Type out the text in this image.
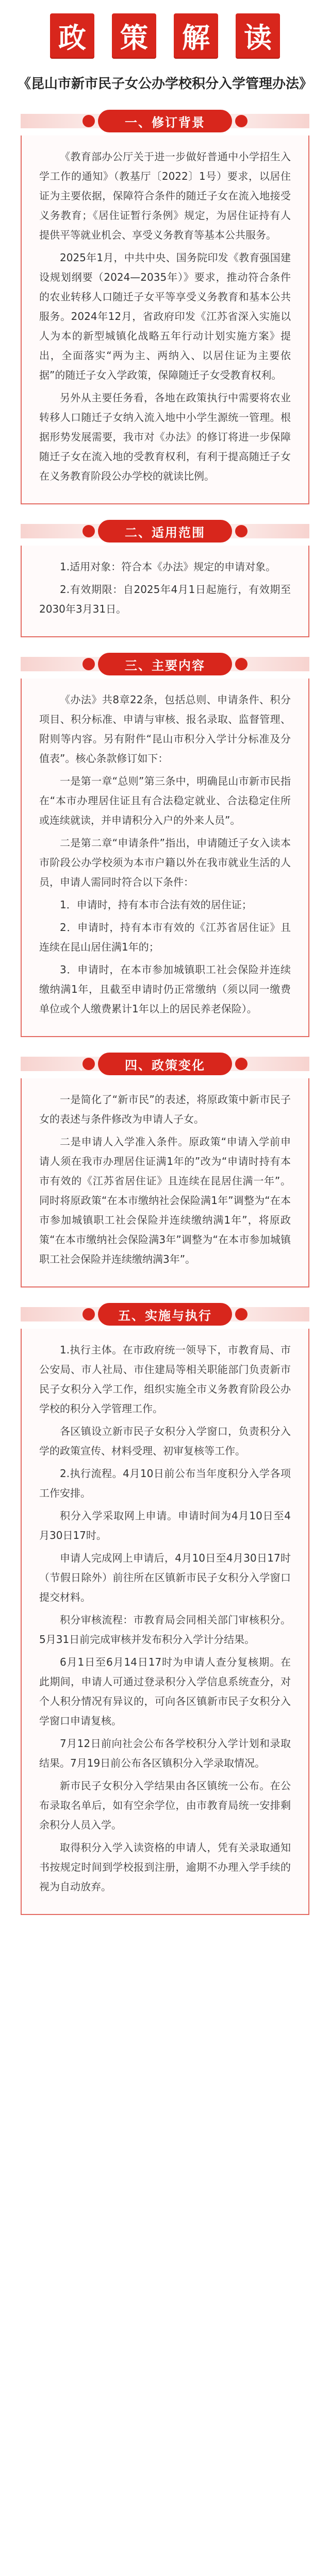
政 策 解 读
《昆山市新市民子女公办学校积分入学管理办法》
一、修订背景

《教育部办公厅关于进一步做好普通中小学招生入学工作的通知》（教基厅〔2022〕1号）要求，以居住证为主要依据，保障符合条件的随迁子女在流入地接受义务教育；《居住证暂行条例》规定，为居住证持有人提供平等就业机会、享受义务教育等基本公共服务。

2025年1月，中共中央、国务院印发《教育强国建设规划纲要（2024—2035年）》要求，推动符合条件的农业转移人口随迁子女平等享受义务教育和基本公共服务。2024年12月，省政府印发《江苏省深入实施以人为本的新型城镇化战略五年行动计划实施方案》提出，全面落实“两为主、两纳入、以居住证为主要依据”的随迁子女入学政策，保障随迁子女受教育权利。

另外从主要任务看，各地在政策执行中需要将农业转移人口随迁子女纳入流入地中小学生源统一管理。根据形势发展需要，我市对《办法》的修订将进一步保障随迁子女在流入地的受教育权利，有利于提高随迁子女在义务教育阶段公办学校的就读比例。

二、适用范围

1.适用对象：符合本《办法》规定的申请对象。

2.有效期限：自2025年4月1日起施行，有效期至2030年3月31日。

三、主要内容

《办法》共8章22条，包括总则、申请条件、积分项目、积分标准、申请与审核、报名录取、监督管理、附则等内容。另有附件“昆山市积分入学计分标准及分值表”。核心条款修订如下：

一是第一章“总则”第三条中，明确昆山市新市民指在“本市办理居住证且有合法稳定就业、合法稳定住所或连续就读，并申请积分入户的外来人员”。

二是第二章“申请条件”指出，申请随迁子女入读本市阶段公办学校须为本市户籍以外在我市就业生活的人员，申请人需同时符合以下条件：

1．申请时，持有本市合法有效的居住证；

2．申请时，持有本市有效的《江苏省居住证》且连续在昆山居住满1年的；

3．申请时，在本市参加城镇职工社会保险并连续缴纳满1年，且截至申请时仍正常缴纳（须以同一缴费单位或个人缴费累计1年以上的居民养老保险）。

四、政策变化

一是简化了“新市民”的表述，将原政策中新市民子女的表述与条件修改为申请人子女。

二是申请人入学准入条件。原政策“申请入学前申请人须在我市办理居住证满1年的”改为“申请时持有本市有效的《江苏省居住证》且连续在昆居住满一年”。同时将原政策“在本市缴纳社会保险满1年”调整为“在本市参加城镇职工社会保险并连续缴纳满1年”，将原政策“在本市缴纳社会保险满3年”调整为“在本市参加城镇职工社会保险并连续缴纳满3年”。

五、实施与执行

1.执行主体。在市政府统一领导下，市教育局、市公安局、市人社局、市住建局等相关职能部门负责新市民子女积分入学工作，组织实施全市义务教育阶段公办学校的积分入学管理工作。

各区镇设立新市民子女积分入学窗口，负责积分入学的政策宣传、材料受理、初审复核等工作。

2.执行流程。4月10日前公布当年度积分入学各项工作安排。

积分入学采取网上申请。申请时间为4月10日至4月30日17时。

申请人完成网上申请后，4月10日至4月30日17时（节假日除外）前往所在区镇新市民子女积分入学窗口提交材料。

积分审核流程：市教育局会同相关部门审核积分。5月31日前完成审核并发布积分入学计分结果。

6月1日至6月14日17时为申请人查分复核期。在此期间，申请人可通过登录积分入学信息系统查分，对个人积分情况有异议的，可向各区镇新市民子女积分入学窗口申请复核。

7月12日前向社会公布各学校积分入学计划和录取结果。7月19日前公布各区镇积分入学录取情况。

新市民子女积分入学结果由各区镇统一公布。在公布录取名单后，如有空余学位，由市教育局统一安排剩余积分人员入学。

取得积分入学入读资格的申请人，凭有关录取通知书按规定时间到学校报到注册，逾期不办理入学手续的视为自动放弃。
